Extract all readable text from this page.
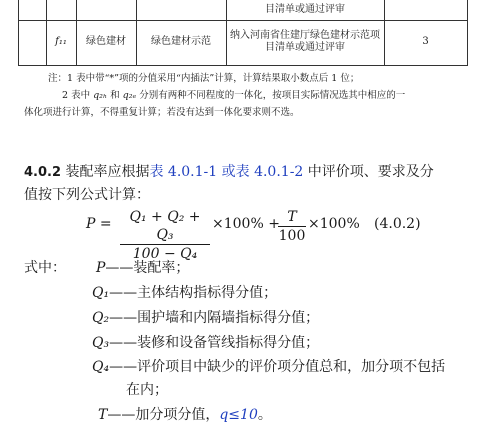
目清单或通过评审
f₁₁	绿色建材	绿色建材示范
纳入河南省住建厅绿色建材示范项
目清单或通过评审
3
注：1 表中带“*”项的分值采用“内插法”计算，计算结果取小数点后 1 位；
2 表中 q₂ₕ 和 q₂ₑ 分别有两种不同程度的一体化，按项目实际情况选其中相应的一
体化项进行计算，不得重复计算；若没有达到一体化要求则不选。
4.0.2 装配率应根据表 4.0.1-1 或表 4.0.1-2 中评价项、要求及分
值按下列公式计算：
$P = \frac{\text{Q₁ + Q₂ + Q₃}}{\text{100 − Q₄}} \times 100\%$ +
$\frac{T}{100} \times 100\%$ (4.0.2)
式中： P——装配率；
Q₁——主体结构指标得分值；
Q₂——围护墙和内隔墙指标得分值；
Q₃——装修和设备管线指标得分值；
Q₄——评价项目中缺少的评价项分值总和，加分项不包括
在内；
T——加分项分值，q≤10。
